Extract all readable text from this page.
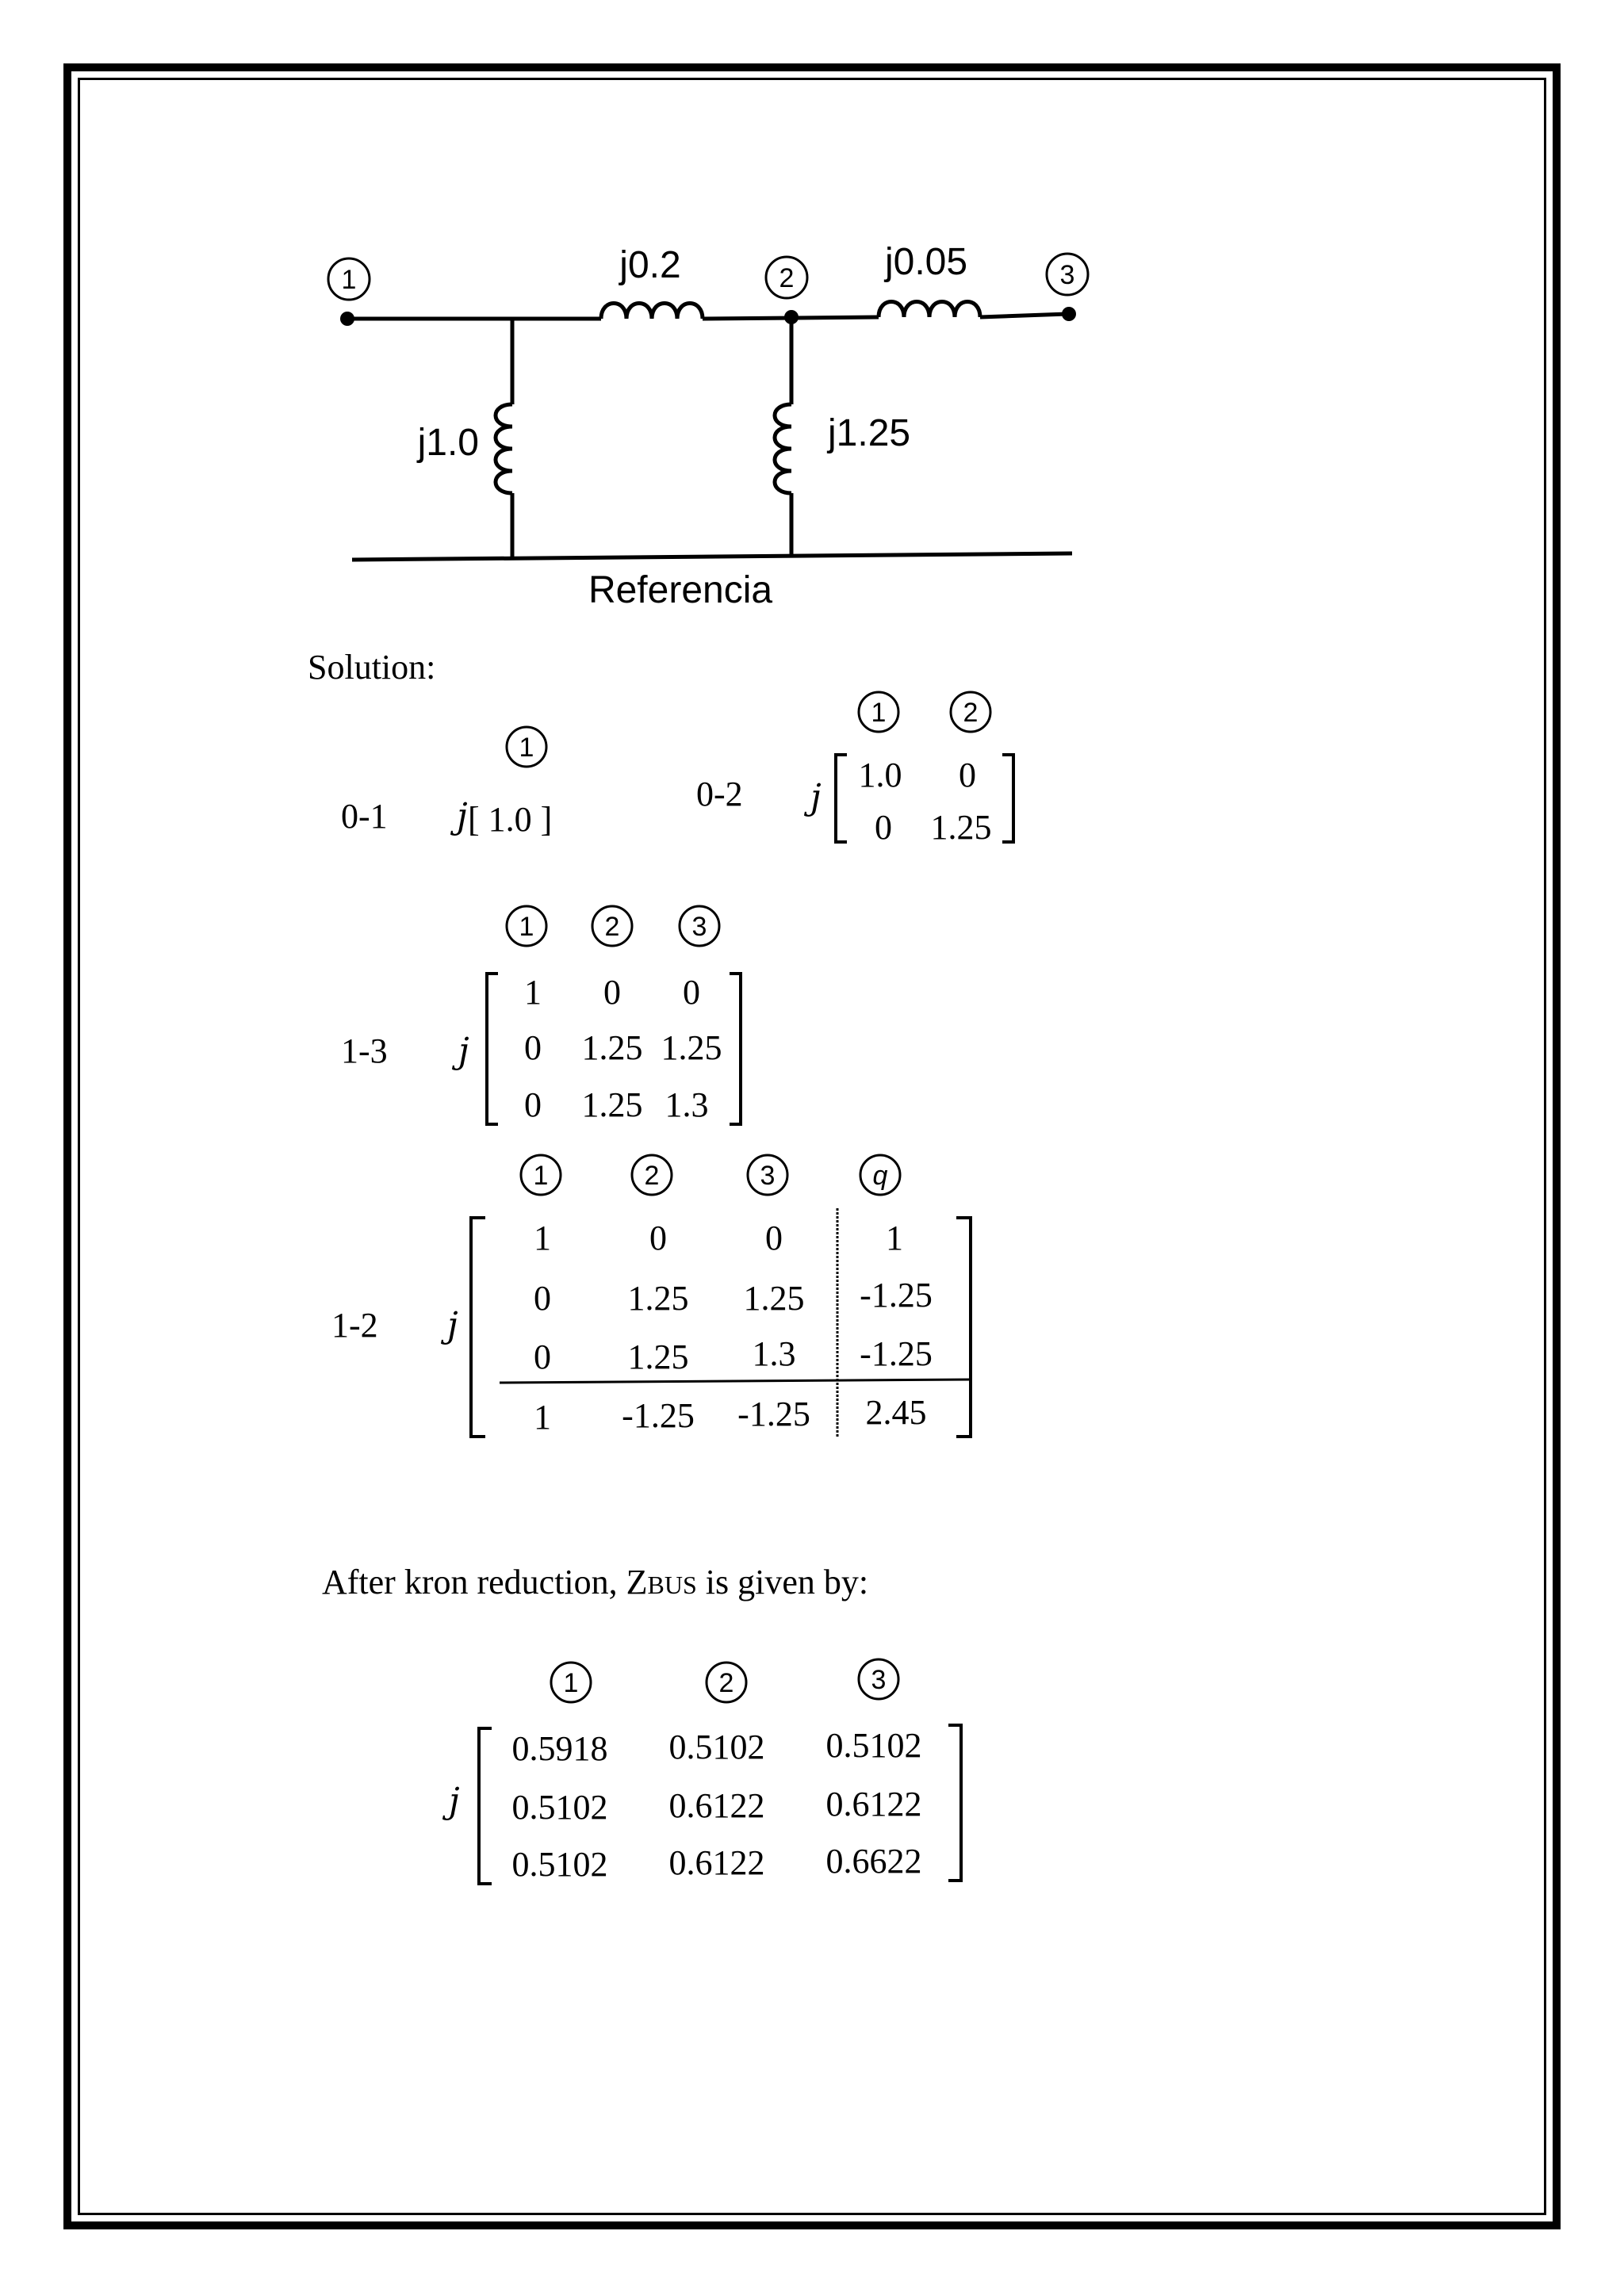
1	2	3
j0.2	j0.05
j1.0	j1.25
Referencia
Solution:
0-1
1
j [ 1.0 ]
0-2 j
1	2
1.0 0
0 1.25
1-3 j
1	2	3
1 0 0
0 1.25 1.25
0 1.25 1.3
1-2 j
1	2	3	q
1	0	0	1
0 1.25 1.25 -1.25
0 1.25 1.3 -1.25
1 -1.25 -1.25 2.45
After kron reduction, ZBUS is given by:
1	2	3
j
0.5918 0.5102 0.5102
0.5102 0.6122 0.6122
0.5102 0.6122 0.6622
